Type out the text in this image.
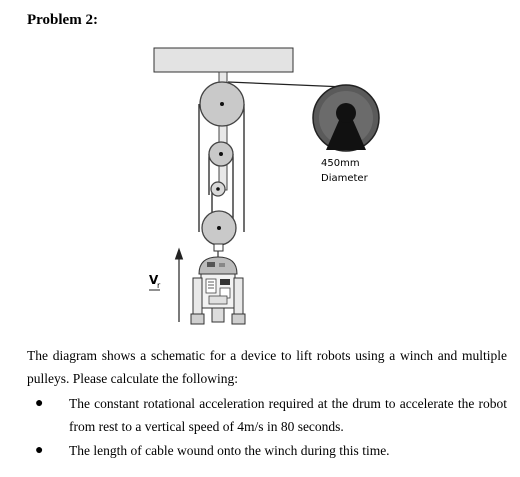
Problem 2:
450mm
Diameter
V
r
The diagram shows a schematic for a device to lift robots using a winch and multiple pulleys. Please calculate the following:
● The constant rotational acceleration required at the drum to accelerate the robot from rest to a vertical speed of 4m/s in 80 seconds.
● The length of cable wound onto the winch during this time.
